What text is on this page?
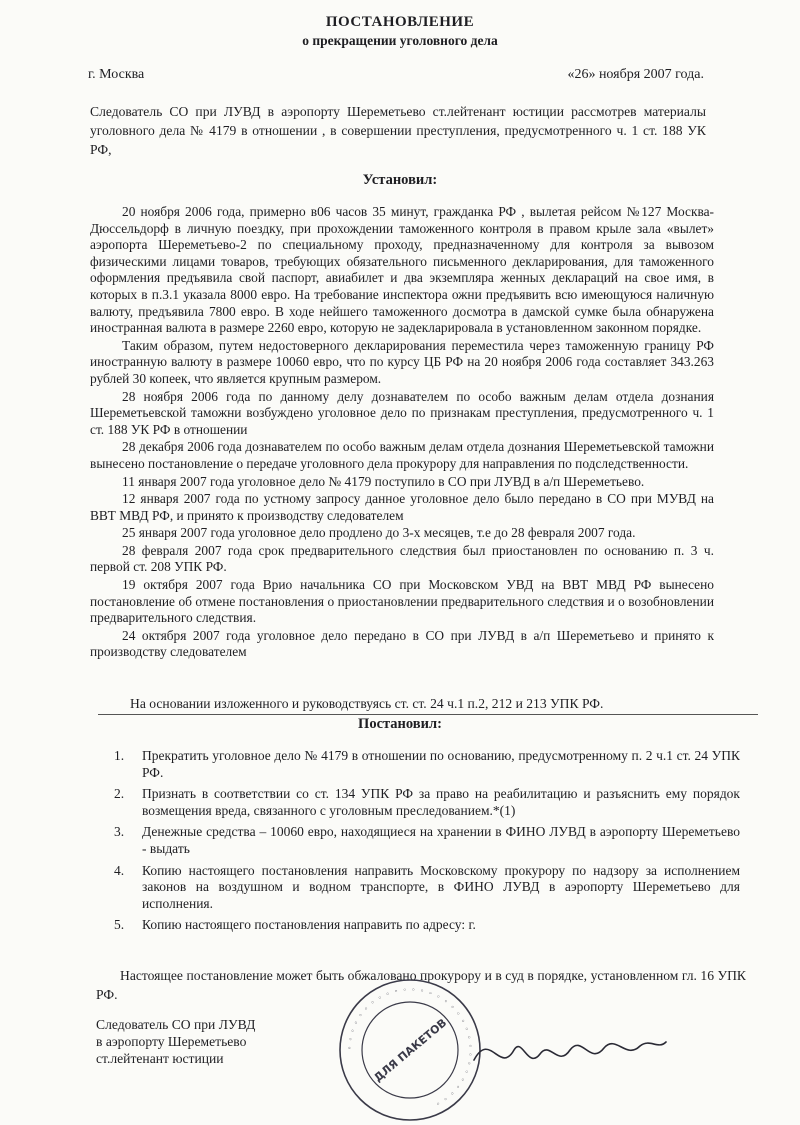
ПОСТАНОВЛЕНИЕ
о прекращении уголовного дела
г. Москва	«26» ноября 2007 года.
Следователь СО при ЛУВД в аэропорту Шереметьево ст.лейтенант юстиции рассмотрев материалы уголовного дела № 4179 в отношении , в совершении преступления, предусмотренного ч. 1 ст. 188 УК РФ,
Установил:

20 ноября 2006 года, примерно в06 часов 35 минут, гражданка РФ , вылетая рейсом №127 Москва-Дюссельдорф в личную поездку, при прохождении таможенного контроля в правом крыле зала «вылет» аэропорта Шереметьево-2 по специальному проходу, предназначенному для контроля за вывозом физическими лицами товаров, требующих обязательного письменного декларирования, для таможенного оформления предъявила свой паспорт, авиабилет и два экземпляра женных деклараций на свое имя, в которых в п.3.1 указала 8000 евро. На требование инспектора ожни предъявить всю имеющуюся наличную валюту, предъявила 7800 евро. В ходе нейшего таможенного досмотра в дамской сумке была обнаружена иностранная валюта в размере 2260 евро, которую не задекларировала в установленном законном порядке.

Таким образом, путем недостоверного декларирования переместила через таможенную границу РФ иностранную валюту в размере 10060 евро, что по курсу ЦБ РФ на 20 ноября 2006 года составляет 343.263 рублей 30 копеек, что является крупным размером.

28 ноября 2006 года по данному делу дознавателем по особо важным делам отдела дознания Шереметьевской таможни возбуждено уголовное дело по признакам преступления, предусмотренного ч. 1 ст. 188 УК РФ в отношении

28 декабря 2006 года дознавателем по особо важным делам отдела дознания Шереметьевской таможни вынесено постановление о передаче уголовного дела прокурору для направления по подследственности.

11 января 2007 года уголовное дело № 4179 поступило в СО при ЛУВД в а/п Шереметьево.

12 января 2007 года по устному запросу данное уголовное дело было передано в СО при МУВД на ВВТ МВД РФ, и принято к производству следователем

25 января 2007 года уголовное дело продлено до 3-х месяцев, т.е до 28 февраля 2007 года.

28 февраля 2007 года срок предварительного следствия был приостановлен по основанию п. 3 ч. первой ст. 208 УПК РФ.

19 октября 2007 года Врио начальника СО при Московском УВД на ВВТ МВД РФ вынесено постановление об отмене постановления о приостановлении предварительного следствия и о возобновлении предварительного следствия.

24 октября 2007 года уголовное дело передано в СО при ЛУВД в а/п Шереметьево и принято к производству следователем

На основании изложенного и руководствуясь ст. ст. 24 ч.1 п.2, 212 и 213 УПК РФ.
Постановил:
1. Прекратить уголовное дело № 4179 в отношении по основанию, предусмотренному п. 2 ч.1 ст. 24 УПК РФ.
2. Признать в соответствии со ст. 134 УПК РФ за право на реабилитацию и разъяснить ему порядок возмещения вреда, связанного с уголовным преследованием.*(1)
3. Денежные средства – 10060 евро, находящиеся на хранении в ФИНО ЛУВД в аэропорту Шереметьево - выдать
4. Копию настоящего постановления направить Московскому прокурору по надзору за исполнением законов на воздушном и водном транспорте, в ФИНО ЛУВД в аэропорту Шереметьево для исполнения.
5. Копию настоящего постановления направить по адресу: г.
Настоящее постановление может быть обжаловано прокурору и в суд в порядке, установленном гл. 16 УПК РФ.
Следователь СО при ЛУВД
в аэропорту Шереметьево
ст.лейтенант юстиции
◦ ◦ ◦ ◦ ◦ ◦ ◦ ◦ ◦ ◦ ◦ ◦ ◦ ◦ ◦ ◦ ◦ ◦ ◦ ◦ ◦ ◦ ◦ ◦ ◦ ◦ ◦ ◦ ◦ ◦
ДЛЯ ПАКЕТОВ
